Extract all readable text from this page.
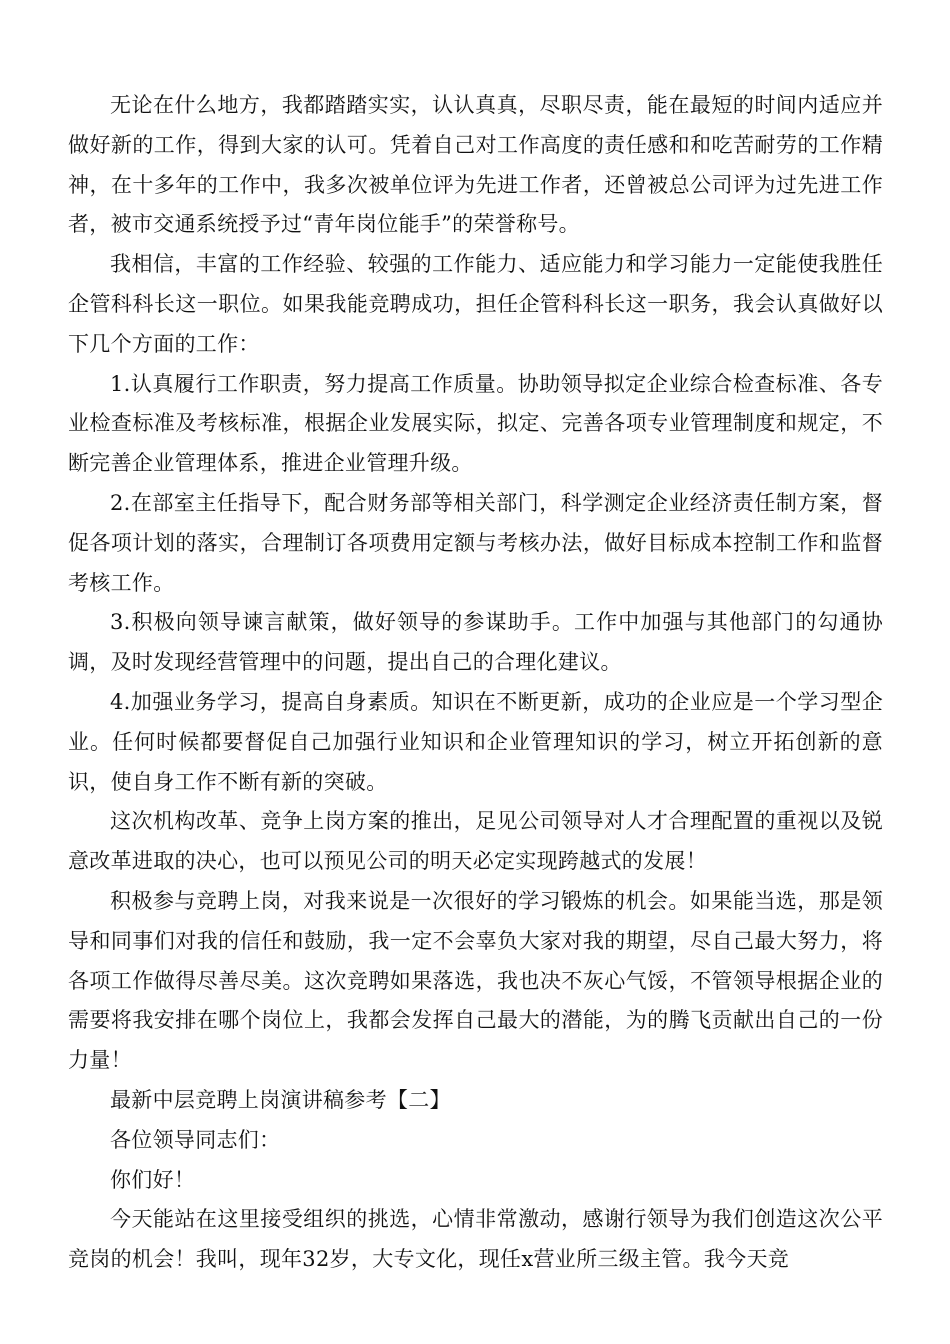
无论在什么地方，我都踏踏实实，认认真真，尽职尽责，能在最短的时间内适应并做好新的工作，得到大家的认可。凭着自己对工作高度的责任感和和吃苦耐劳的工作精神，在十多年的工作中，我多次被单位评为先进工作者，还曾被总公司评为过先进工作者，被市交通系统授予过“青年岗位能手”的荣誉称号。

我相信，丰富的工作经验、较强的工作能力、适应能力和学习能力一定能使我胜任企管科科长这一职位。如果我能竞聘成功，担任企管科科长这一职务，我会认真做好以下几个方面的工作：

1.认真履行工作职责，努力提高工作质量。协助领导拟定企业综合检查标准、各专业检查标准及考核标准，根据企业发展实际，拟定、完善各项专业管理制度和规定，不断完善企业管理体系，推进企业管理升级。

2.在部室主任指导下，配合财务部等相关部门，科学测定企业经济责任制方案，督促各项计划的落实，合理制订各项费用定额与考核办法，做好目标成本控制工作和监督考核工作。

3.积极向领导谏言献策，做好领导的参谋助手。工作中加强与其他部门的勾通协调，及时发现经营管理中的问题，提出自己的合理化建议。

4.加强业务学习，提高自身素质。知识在不断更新，成功的企业应是一个学习型企业。任何时候都要督促自己加强行业知识和企业管理知识的学习，树立开拓创新的意识，使自身工作不断有新的突破。

这次机构改革、竞争上岗方案的推出，足见公司领导对人才合理配置的重视以及锐意改革进取的决心，也可以预见公司的明天必定实现跨越式的发展！

积极参与竞聘上岗，对我来说是一次很好的学习锻炼的机会。如果能当选，那是领导和同事们对我的信任和鼓励，我一定不会辜负大家对我的期望，尽自己最大努力，将各项工作做得尽善尽美。这次竞聘如果落选，我也决不灰心气馁，不管领导根据企业的需要将我安排在哪个岗位上，我都会发挥自己最大的潜能，为的腾飞贡献出自己的一份力量！

最新中层竞聘上岗演讲稿参考【二】

各位领导同志们：

你们好！

今天能站在这里接受组织的挑选，心情非常激动，感谢行领导为我们创造这次公平竞岗的机会！我叫，现年32岁，大专文化，现任x营业所三级主管。我今天竞
